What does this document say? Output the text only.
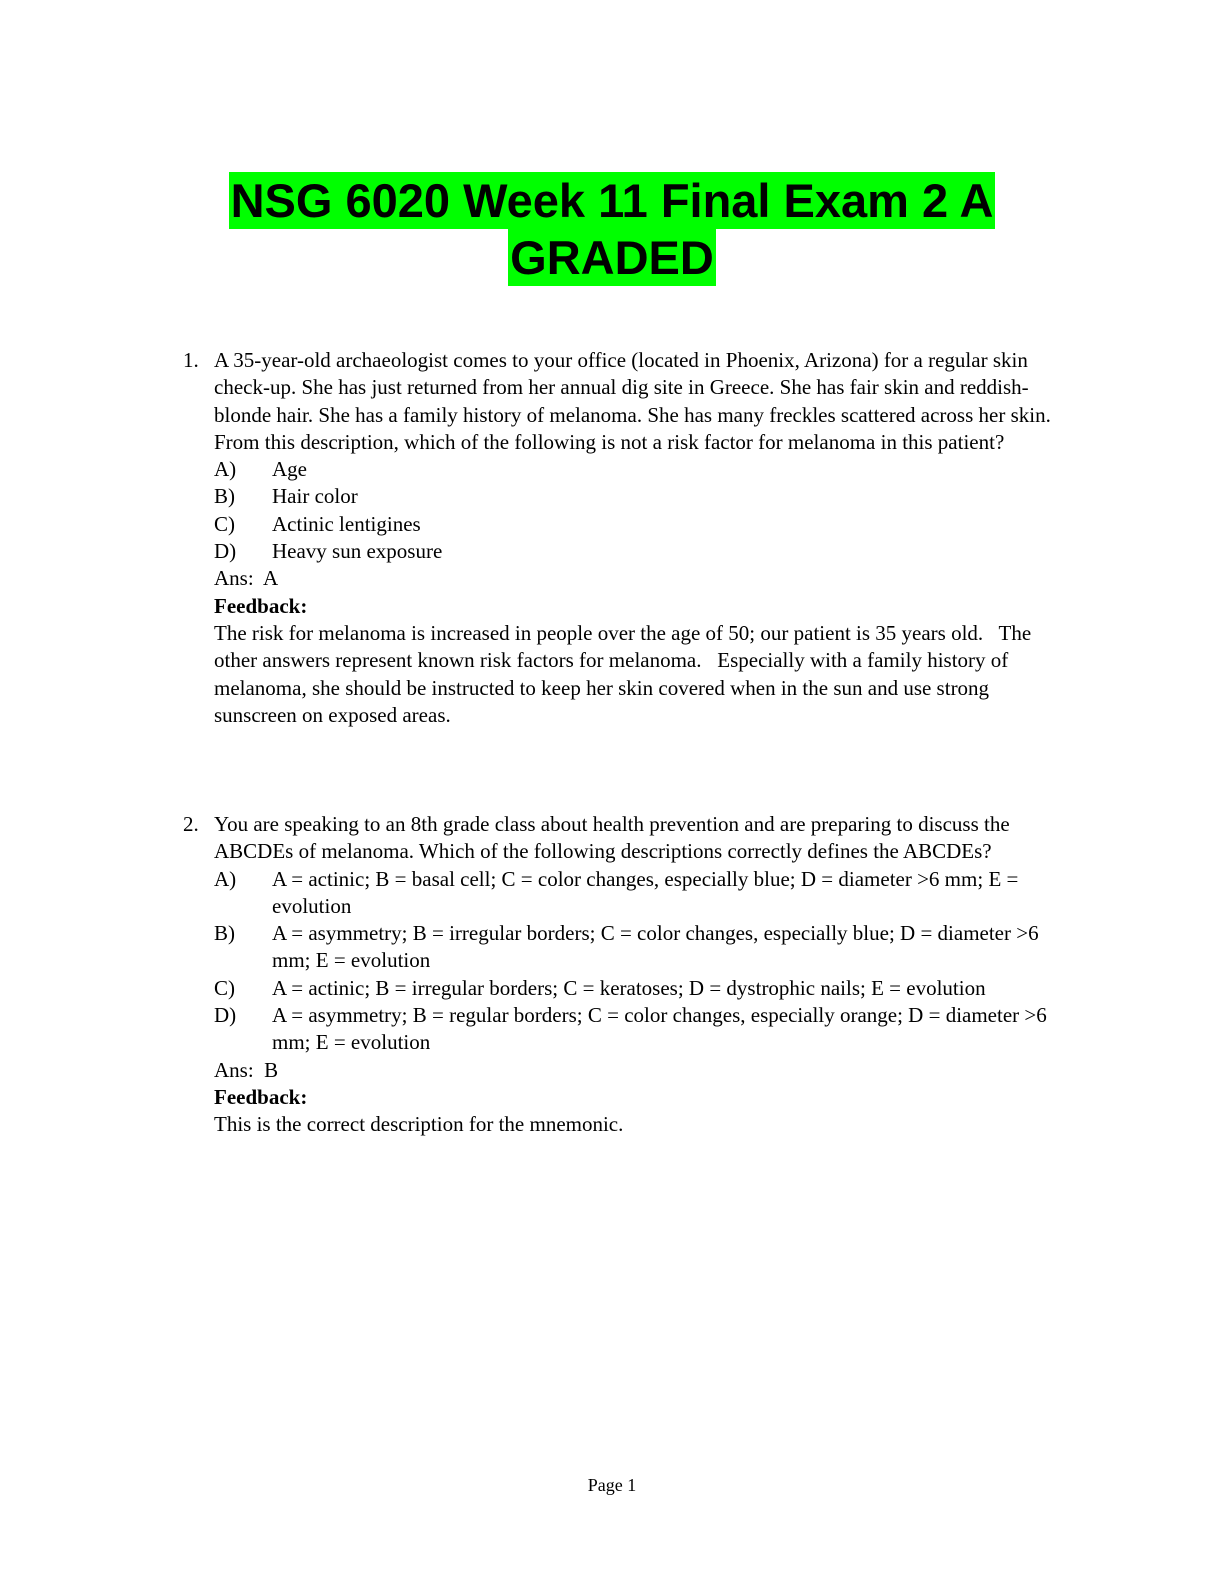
NSG 6020 Week 11 Final Exam 2 A
GRADED
1. A 35-year-old archaeologist comes to your office (located in Phoenix, Arizona) for a regular skin check-up. She has just returned from her annual dig site in Greece. She has fair skin and reddish-blonde hair. She has a family history of melanoma. She has many freckles scattered across her skin. From this description, which of the following is not a risk factor for melanoma in this patient?

A)	Age
B)	Hair color
C)	Actinic lentigines
D)	Heavy sun exposure
Ans:  A
Feedback:

The risk for melanoma is increased in people over the age of 50; our patient is 35 years old.   The other answers represent known risk factors for melanoma.   Especially with a family history of melanoma, she should be instructed to keep her skin covered when in the sun and use strong sunscreen on exposed areas.

2. You are speaking to an 8th grade class about health prevention and are preparing to discuss the ABCDEs of melanoma. Which of the following descriptions correctly defines the ABCDEs?

A)	A = actinic; B = basal cell; C = color changes, especially blue; D = diameter >6 mm; E = evolution
B)	A = asymmetry; B = irregular borders; C = color changes, especially blue; D = diameter >6 mm; E = evolution
C)	A = actinic; B = irregular borders; C = keratoses; D = dystrophic nails; E = evolution
D)	A = asymmetry; B = regular borders; C = color changes, especially orange; D = diameter >6 mm; E = evolution
Ans:  B
Feedback:

This is the correct description for the mnemonic.

Page 1
